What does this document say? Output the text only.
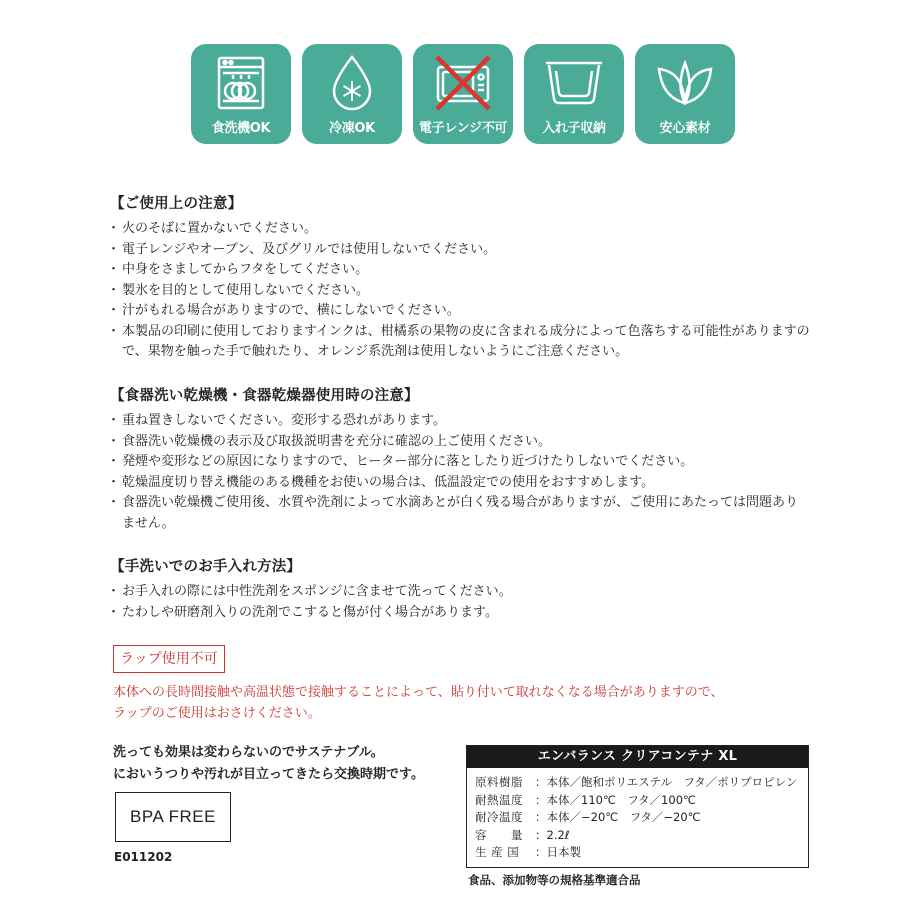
食洗機OK	冷凍OK	電子レンジ不可	入れ子収納	安心素材
【ご使用上の注意】
・ 火のそばに置かないでください。
・ 電子レンジやオーブン、及びグリルでは使用しないでください。
・ 中身をさましてからフタをしてください。
・ 製氷を目的として使用しないでください。
・ 汁がもれる場合がありますので、横にしないでください。
・ 本製品の印刷に使用しておりますインクは、柑橘系の果物の皮に含まれる成分によって色落ちする可能性がありますので、果物を触った手で触れたり、オレンジ系洗剤は使用しないようにご注意ください。
【食器洗い乾燥機・食器乾燥器使用時の注意】
・ 重ね置きしないでください。変形する恐れがあります。
・ 食器洗い乾燥機の表示及び取扱説明書を充分に確認の上ご使用ください。
・ 発煙や変形などの原因になりますので、ヒーター部分に落としたり近づけたりしないでください。
・ 乾燥温度切り替え機能のある機種をお使いの場合は、低温設定での使用をおすすめします。
・ 食器洗い乾燥機ご使用後、水質や洗剤によって水滴あとが白く残る場合がありますが、ご使用にあたっては問題ありません。
【手洗いでのお手入れ方法】
・ お手入れの際には中性洗剤をスポンジに含ませて洗ってください。
・ たわしや研磨剤入りの洗剤でこすると傷が付く場合があります。
ラップ使用不可
本体への長時間接触や高温状態で接触することによって、貼り付いて取れなくなる場合がありますので、
ラップのご使用はおさけください。
洗っても効果は変わらないのでサステナブル。
においうつりや汚れが目立ってきたら交換時期です。
BPA FREE
E011202
エンバランス クリアコンテナ XL
原料樹脂	： 本体／飽和ポリエステル　フタ／ポリプロピレン
耐熱温度	： 本体／110℃　フタ／100℃
耐冷温度	： 本体／−20℃　フタ／−20℃
容　　量	： 2.2ℓ
生 産 国	： 日本製
食品、添加物等の規格基準適合品
